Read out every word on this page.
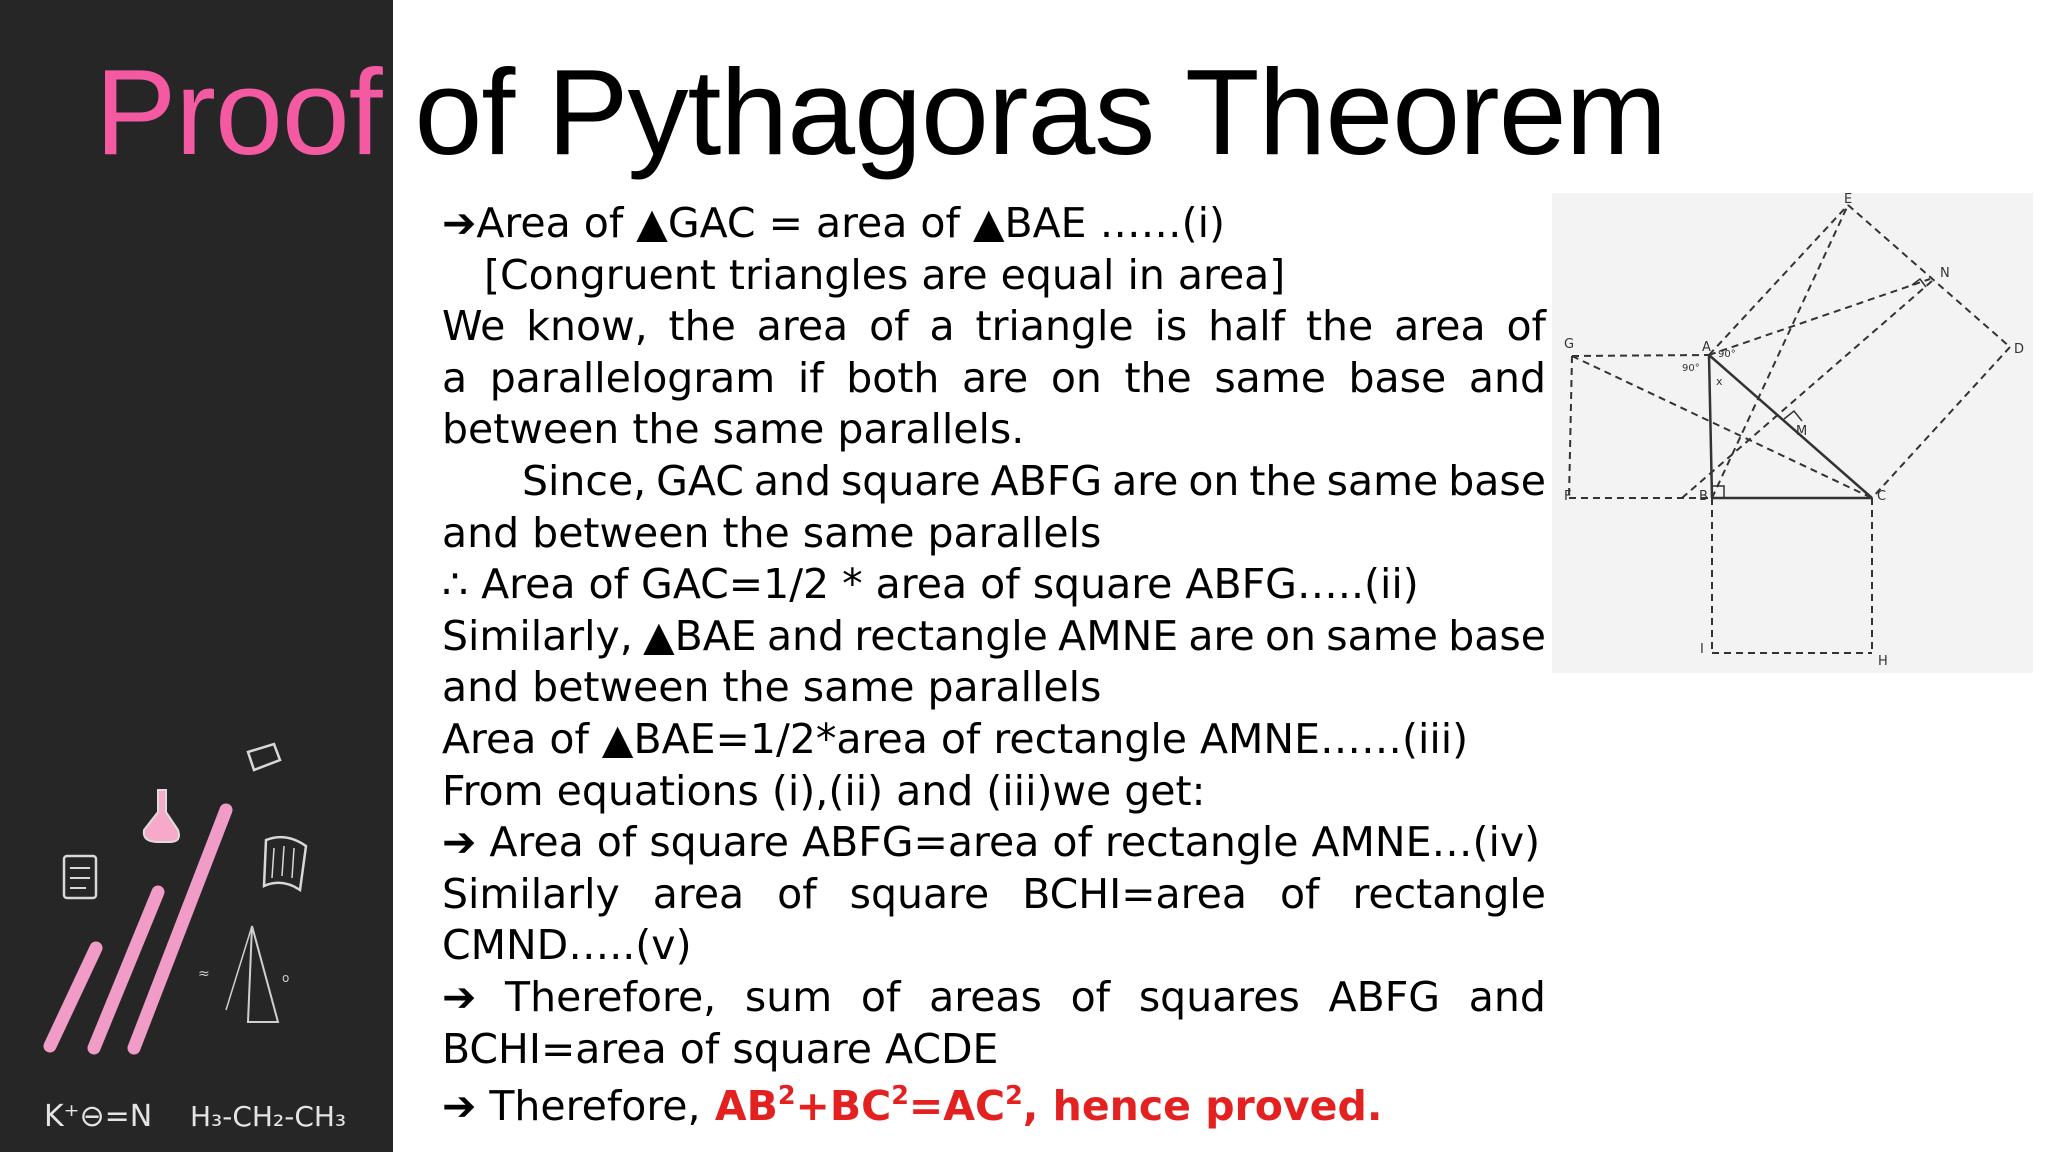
≈	o
K⁺⊖=N H₃-CH₂-CH₃
Proof of Pythagoras Theorem
➔Area of ▲GAC = area of ▲BAE ……(i)
[Congruent triangles are equal in area]
We know, the area of a triangle is half the area of
a parallelogram if both are on the same base and
between the same parallels.
Since, GAC and square ABFG are on the same base
and between the same parallels
∴ Area of GAC=1/2 * area of square ABFG…..(ii)
Similarly, ▲BAE and rectangle AMNE are on same base
and between the same parallels
Area of ▲BAE=1/2*area of rectangle AMNE……(iii)
From equations (i),(ii) and (iii)we get:
➔ Area of square ABFG=area of rectangle AMNE…(iv)
Similarly area of square BCHI=area of rectangle
CMND…..(v)
➔ Therefore, sum of areas of squares ABFG and
BCHI=area of square ACDE
➔ Therefore, $AB^2+BC^2=AC^2$, hence proved.
E
N
D
G	A 90°
90°
x
M
F	B	C
I
H
